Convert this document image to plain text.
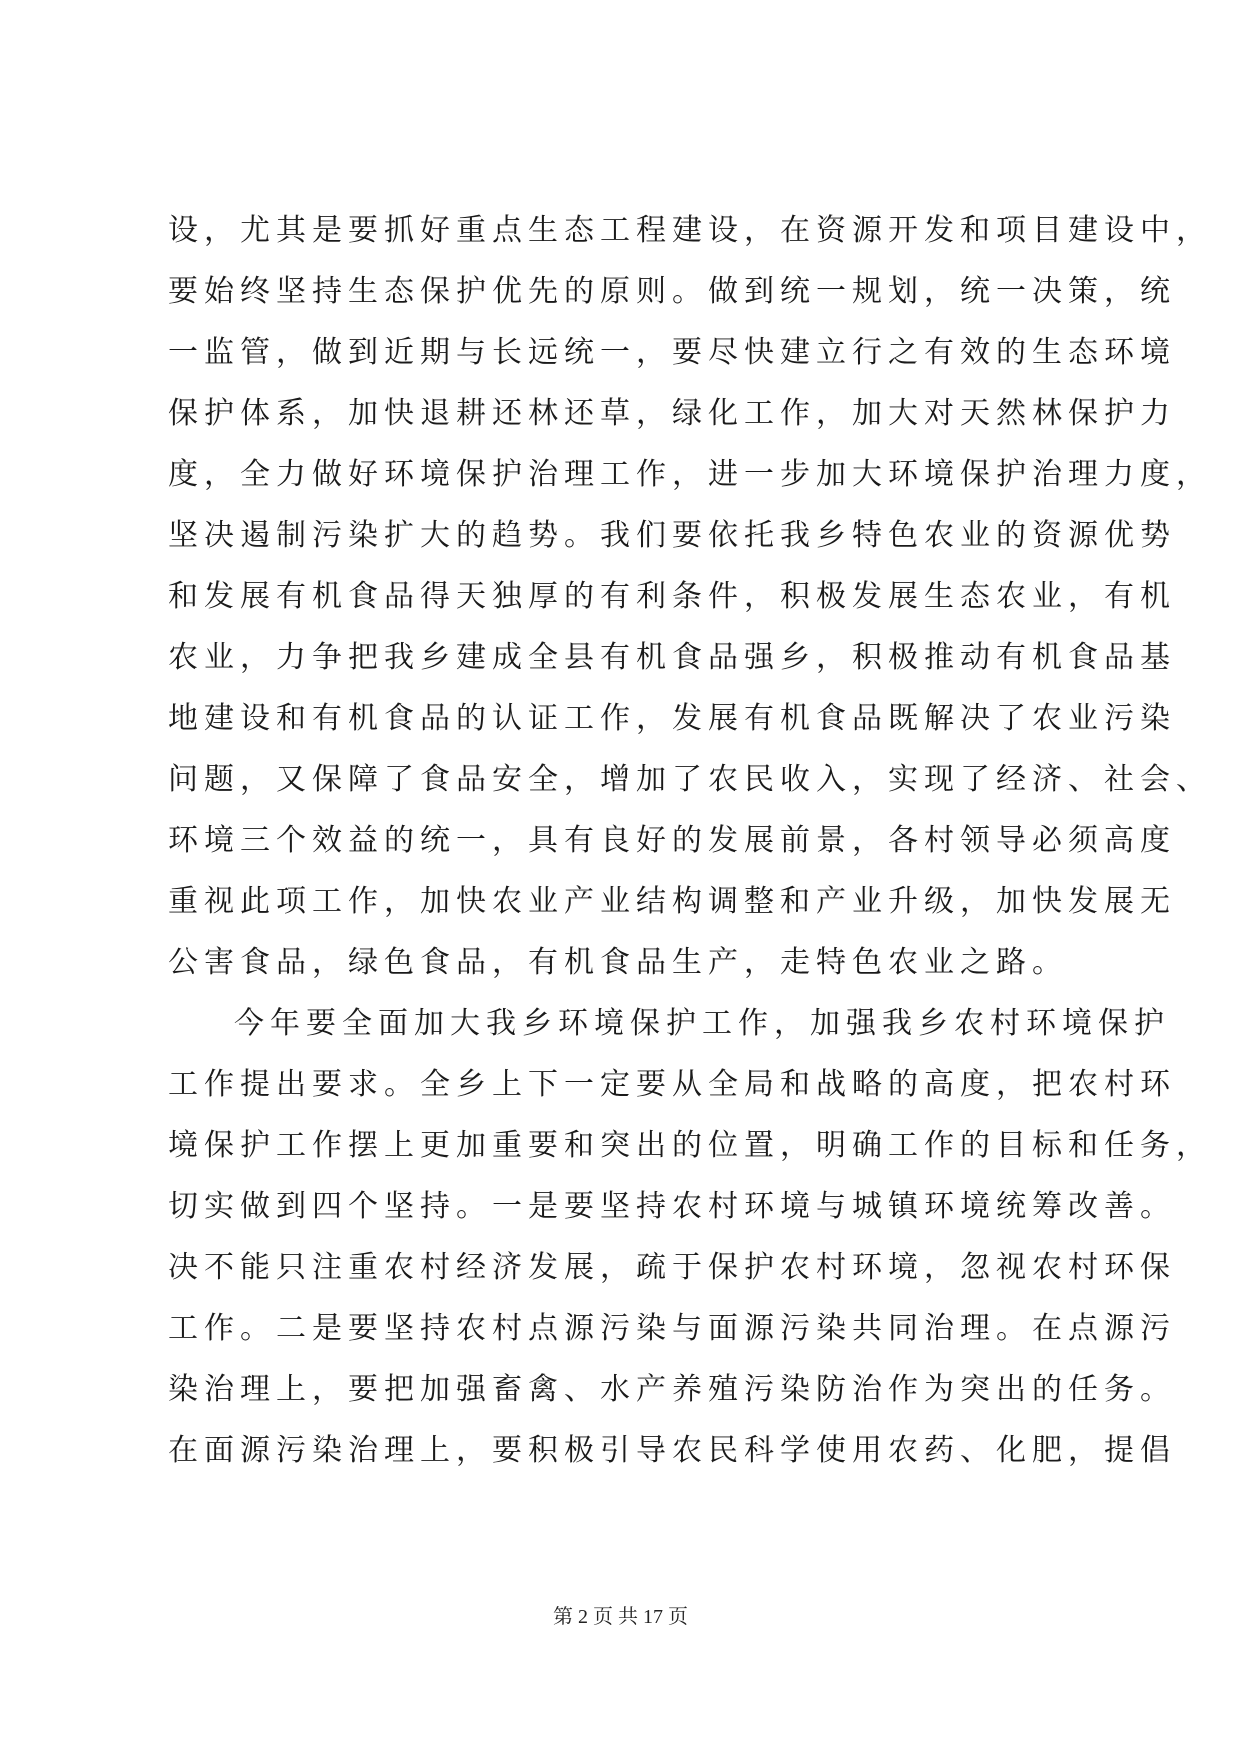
设，尤其是要抓好重点生态工程建设，在资源开发和项目建设中，
要始终坚持生态保护优先的原则。做到统一规划，统一决策，统
一监管，做到近期与长远统一，要尽快建立行之有效的生态环境
保护体系，加快退耕还林还草，绿化工作，加大对天然林保护力
度，全力做好环境保护治理工作，进一步加大环境保护治理力度，
坚决遏制污染扩大的趋势。我们要依托我乡特色农业的资源优势
和发展有机食品得天独厚的有利条件，积极发展生态农业，有机
农业，力争把我乡建成全县有机食品强乡，积极推动有机食品基
地建设和有机食品的认证工作，发展有机食品既解决了农业污染
问题，又保障了食品安全，增加了农民收入，实现了经济、社会、
环境三个效益的统一，具有良好的发展前景，各村领导必须高度
重视此项工作，加快农业产业结构调整和产业升级，加快发展无
公害食品，绿色食品，有机食品生产，走特色农业之路。
今年要全面加大我乡环境保护工作，加强我乡农村环境保护
工作提出要求。全乡上下一定要从全局和战略的高度，把农村环
境保护工作摆上更加重要和突出的位置，明确工作的目标和任务，
切实做到四个坚持。一是要坚持农村环境与城镇环境统筹改善。
决不能只注重农村经济发展，疏于保护农村环境，忽视农村环保
工作。二是要坚持农村点源污染与面源污染共同治理。在点源污
染治理上，要把加强畜禽、水产养殖污染防治作为突出的任务。
在面源污染治理上，要积极引导农民科学使用农药、化肥，提倡
第 2 页 共 17 页
